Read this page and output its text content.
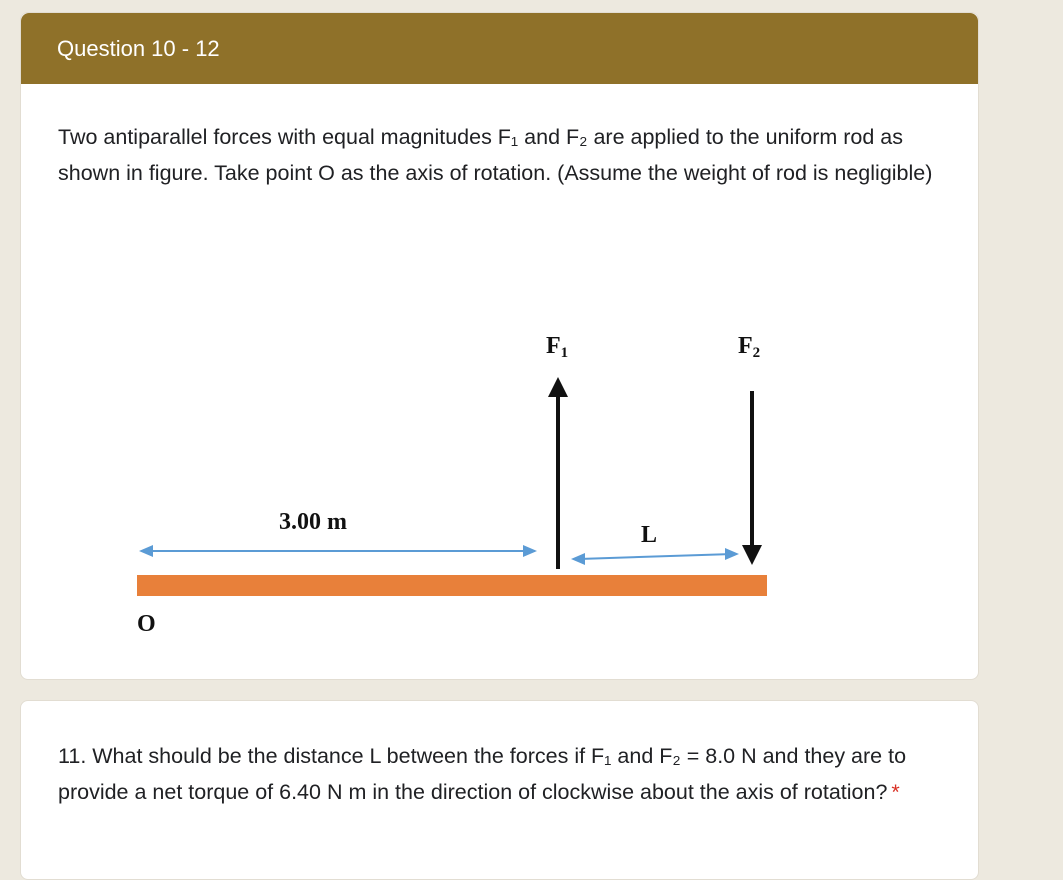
Question 10 - 12
Two antiparallel forces with equal magnitudes F₁ and F₂ are applied to the uniform rod as shown in figure. Take point O as the axis of rotation. (Assume the weight of rod is negligible)
F1	F2
3.00 m	L
O
11. What should be the distance L between the forces if F₁ and F₂ = 8.0 N and they are to provide a net torque of 6.40 N m in the direction of clockwise about the axis of rotation? *
